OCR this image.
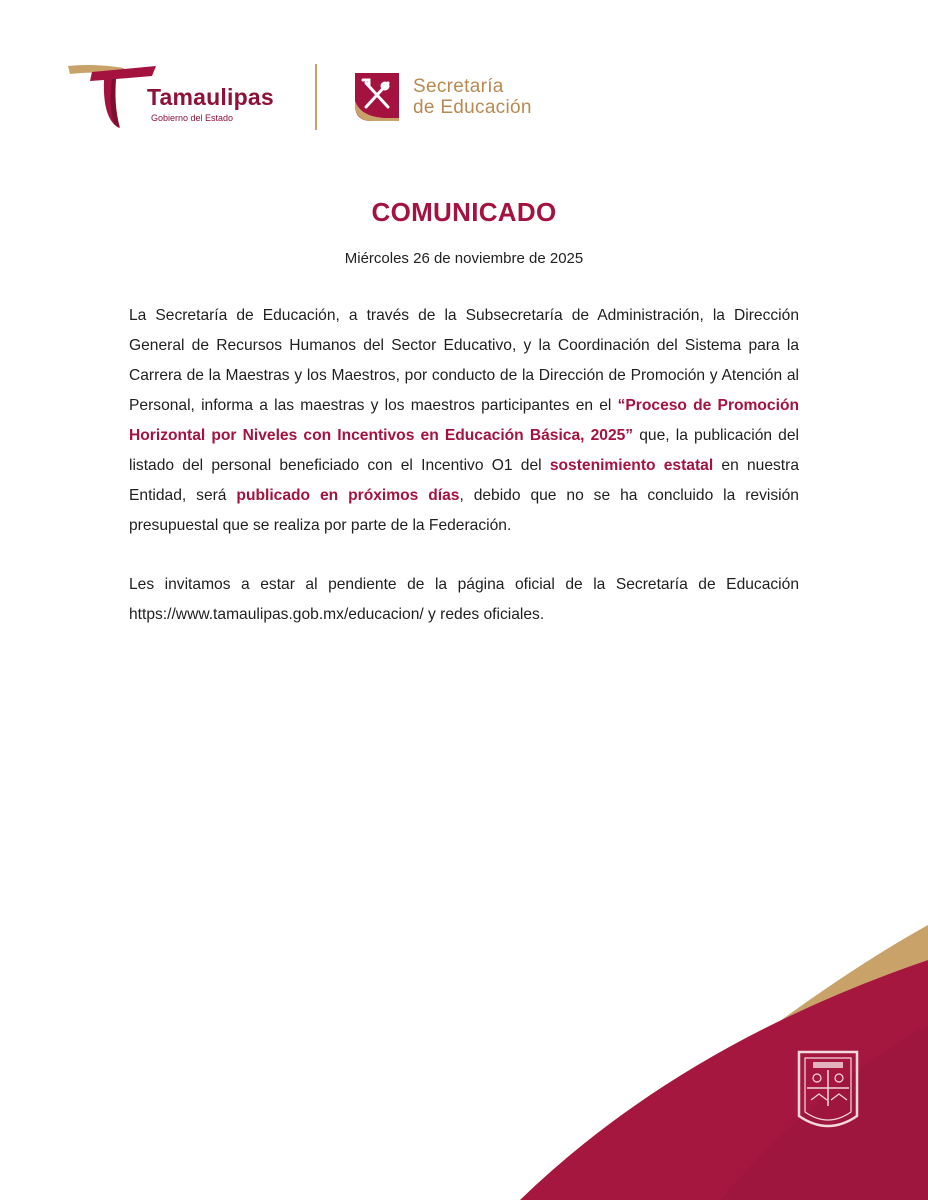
Tamaulipas
Gobierno del Estado
Secretaría
de Educación
COMUNICADO
Miércoles 26 de noviembre de 2025
La Secretaría de Educación, a través de la Subsecretaría de Administración, la Dirección General de Recursos Humanos del Sector Educativo, y la Coordinación del Sistema para la Carrera de la Maestras y los Maestros, por conducto de la Dirección de Promoción y Atención al Personal, informa a las maestras y los maestros participantes en el “Proceso de Promoción Horizontal por Niveles con Incentivos en Educación Básica, 2025” que, la publicación del listado del personal beneficiado con el Incentivo O1 del sostenimiento estatal en nuestra Entidad, será publicado en próximos días, debido que no se ha concluido la revisión presupuestal que se realiza por parte de la Federación.
Les invitamos a estar al pendiente de la página oficial de la Secretaría de Educación https://www.tamaulipas.gob.mx/educacion/ y redes oficiales.
